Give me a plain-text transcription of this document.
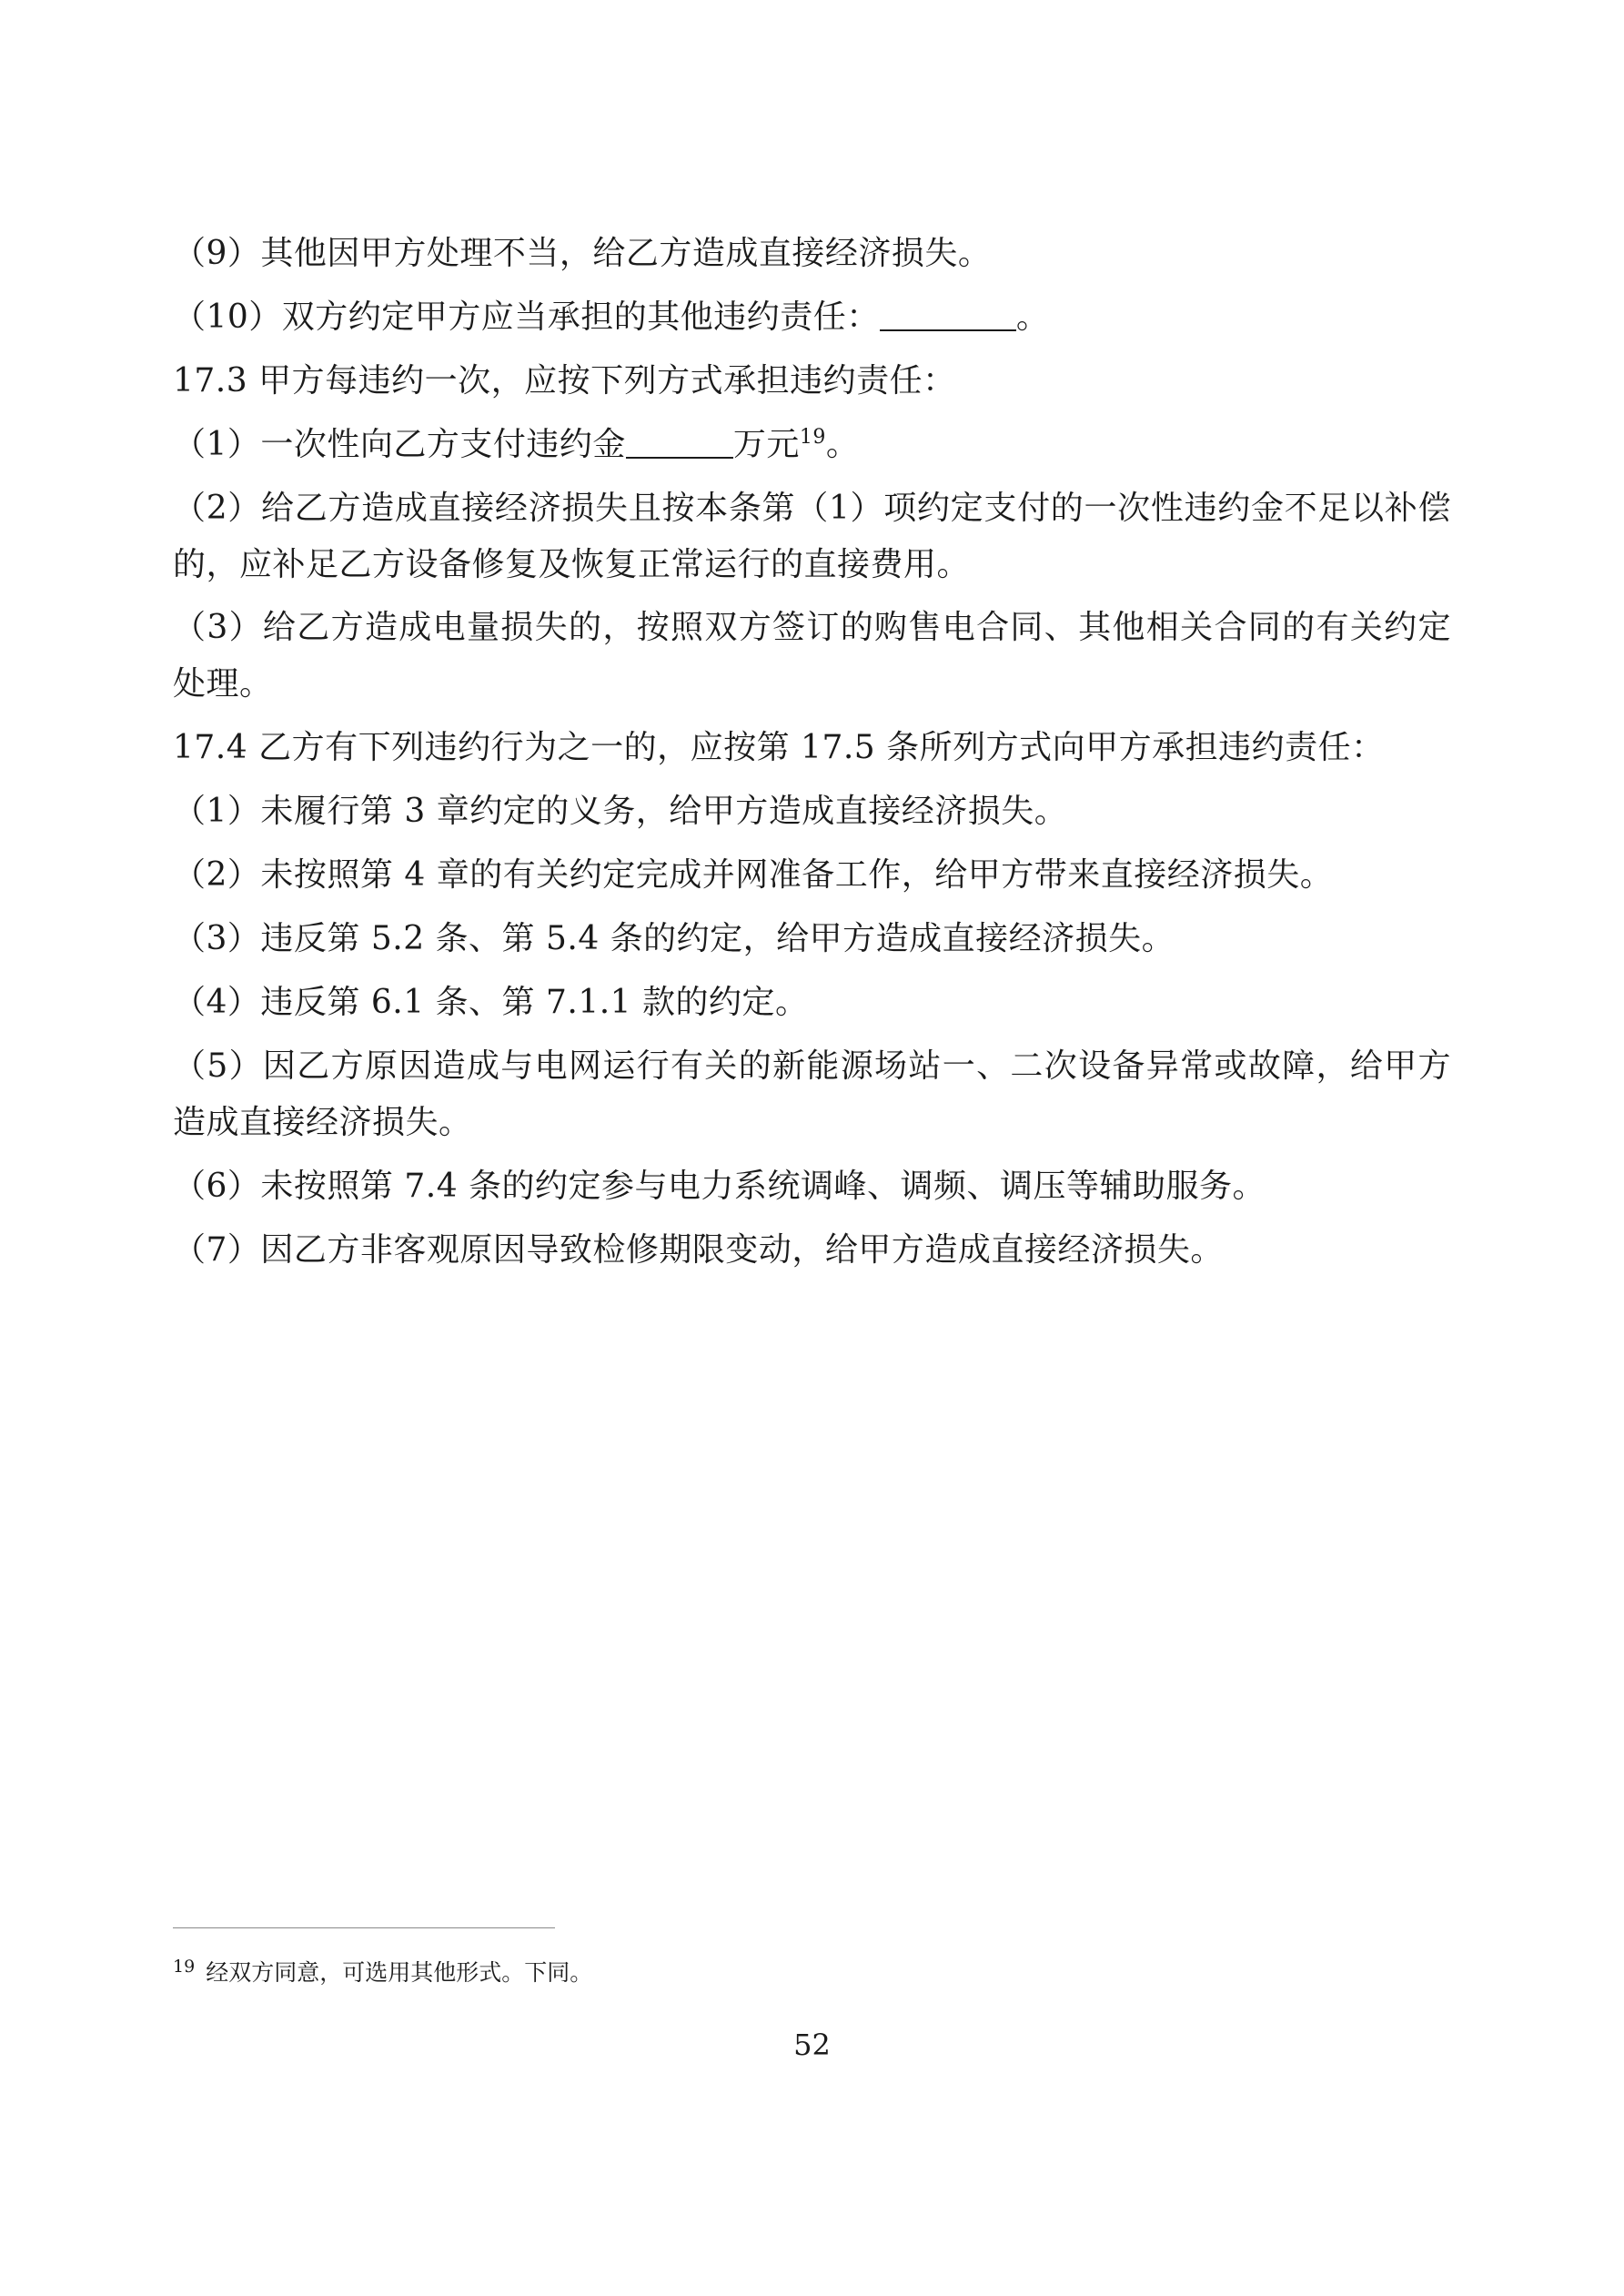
（9）其他因甲方处理不当，给乙方造成直接经济损失。

（10）双方约定甲方应当承担的其他违约责任：	。

17.3 甲方每违约一次，应按下列方式承担违约责任：

（1）一次性向乙方支付违约金	万元$^{19}$。

（2）给乙方造成直接经济损失且按本条第（1）项约定支付的一次性违约金不足以补偿的，应补足乙方设备修复及恢复正常运行的直接费用。

（3）给乙方造成电量损失的，按照双方签订的购售电合同、其他相关合同的有关约定处理。

17.4 乙方有下列违约行为之一的，应按第 17.5 条所列方式向甲方承担违约责任：

（1）未履行第 3 章约定的义务，给甲方造成直接经济损失。

（2）未按照第 4 章的有关约定完成并网准备工作，给甲方带来直接经济损失。

（3）违反第 5.2 条、第 5.4 条的约定，给甲方造成直接经济损失。

（4）违反第 6.1 条、第 7.1.1 款的约定。

（5）因乙方原因造成与电网运行有关的新能源场站一、二次设备异常或故障，给甲方造成直接经济损失。

（6）未按照第 7.4 条的约定参与电力系统调峰、调频、调压等辅助服务。

（7）因乙方非客观原因导致检修期限变动，给甲方造成直接经济损失。

$^{19}$ 经双方同意，可选用其他形式。下同。
52
